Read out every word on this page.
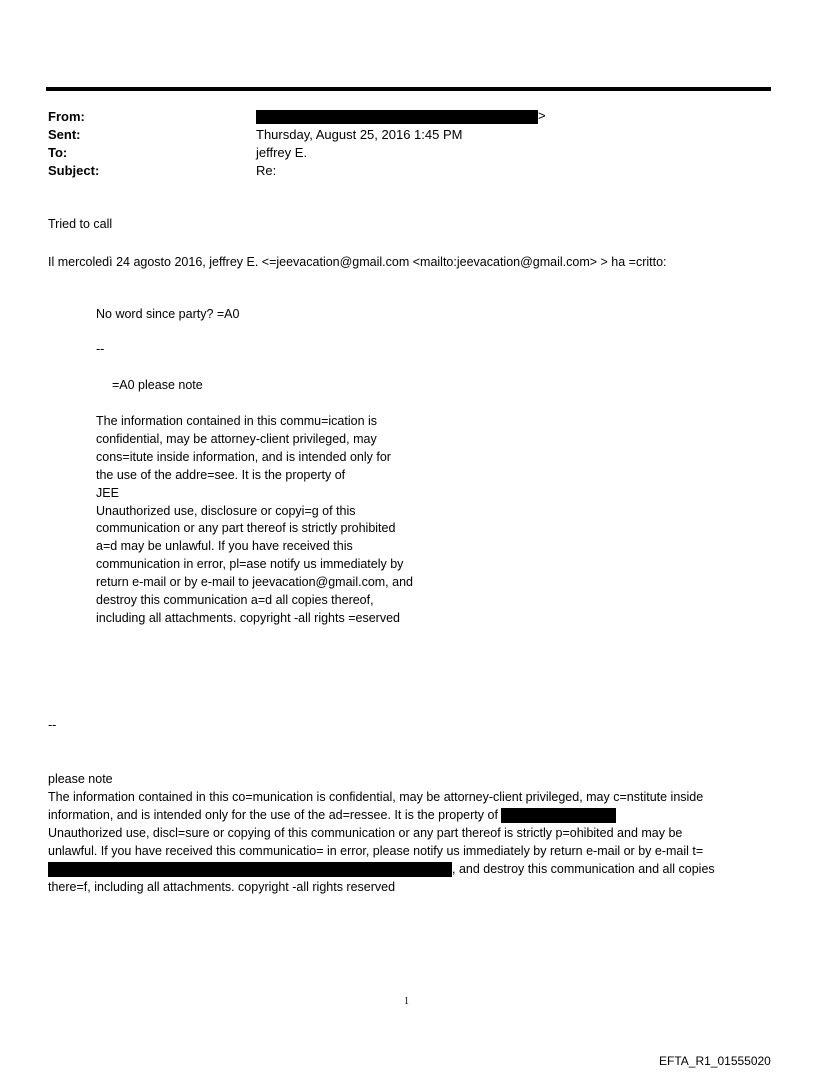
From:	>
Sent:	Thursday, August 25, 2016 1:45 PM
To:	jeffrey E.
Subject:	Re:
Tried to call
Il mercoledì 24 agosto 2016, jeffrey E. <=jeevacation@gmail.com <mailto:jeevacation@gmail.com> > ha =critto:
No word since party? =A0
--
=A0 please note
The information contained in this commu=ication is
confidential, may be attorney-client privileged, may
cons=itute inside information, and is intended only for
the use of the addre=see. It is the property of
JEE
Unauthorized use, disclosure or copyi=g of this
communication or any part thereof is strictly prohibited
a=d may be unlawful. If you have received this
communication in error, pl=ase notify us immediately by
return e-mail or by e-mail to jeevacation@gmail.com, and
destroy this communication a=d all copies thereof,
including all attachments. copyright -all rights =eserved
--
please note
The information contained in this co=munication is confidential, may be attorney-client privileged, may c=nstitute inside
information, and is intended only for the use of the ad=ressee. It is the property of
Unauthorized use, discl=sure or copying of this communication or any part thereof is strictly p=ohibited and may be
unlawful. If you have received this communicatio= in error, please notify us immediately by return e-mail or by e-mail t=
, and destroy this communication and all copies
there=f, including all attachments. copyright -all rights reserved
1
EFTA_R1_01555020
